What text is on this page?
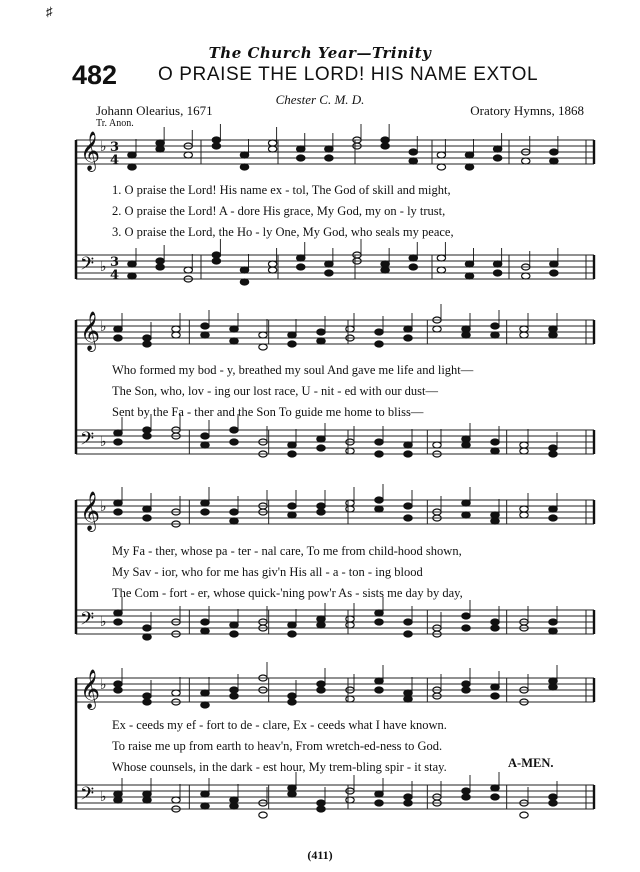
♯
The Church Year—Trinity
482 O PRAISE THE LORD! HIS NAME EXTOL
Chester C. M. D.
Johann Olearius, 1671
Tr. Anon.
Oratory Hymns, 1868
𝄞 ♭ 3
4
𝄢 ♭ 3
4
𝄞 ♭
𝄢 ♭
𝄞 ♭
𝄢 ♭
𝄞 ♭
𝄢 ♭
1. O praise the Lord! His name ex - tol, The God of skill and might,
2. O praise the Lord! A - dore His grace, My God, my on - ly trust,
3. O praise the Lord, the Ho - ly One, My God, who seals my peace,
Who formed my bod - y, breathed my soul And gave me life and light—
The Son, who, lov - ing our lost race, U - nit - ed with our dust—
Sent by the Fa - ther and the Son To guide me home to bliss—
My Fa - ther, whose pa - ter - nal care, To me from child-hood shown,
My Sav - ior, who for me has giv'n His all - a - ton - ing blood
The Com - fort - er, whose quick-'ning pow'r As - sists me day by day,
Ex - ceeds my ef - fort to de - clare, Ex - ceeds what I have known.
To raise me up from earth to heav'n, From wretch-ed-ness to God.
Whose counsels, in the dark - est hour, My trem-bling spir - it stay.	A-MEN.
(411)
